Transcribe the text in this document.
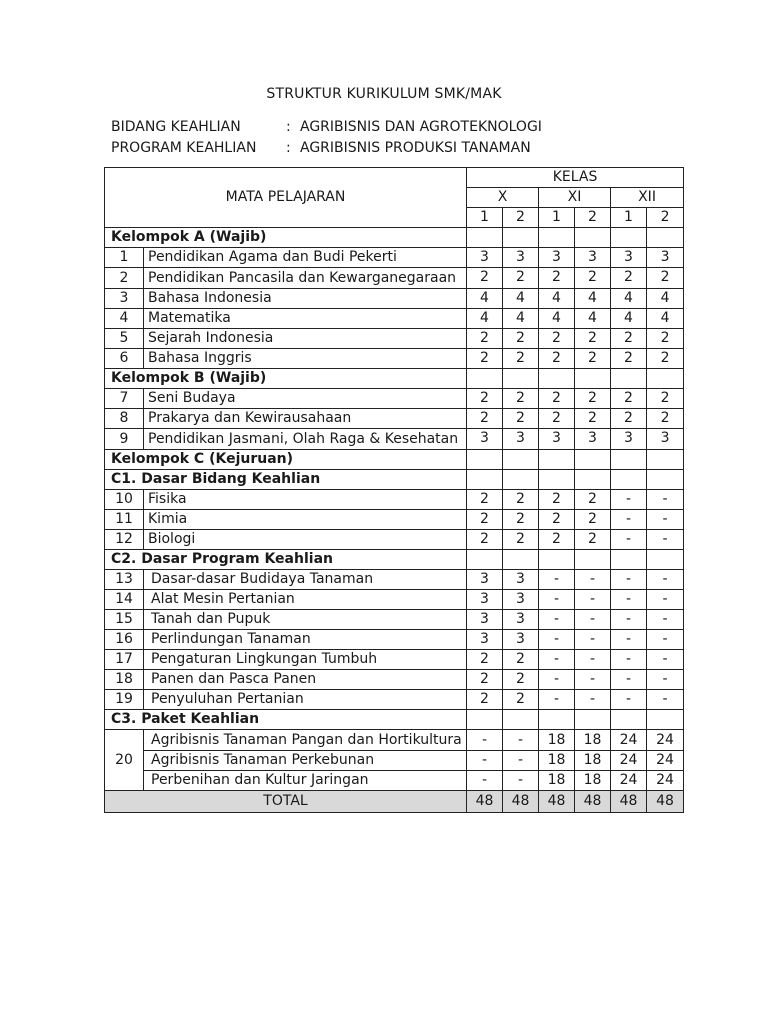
STRUKTUR KURIKULUM SMK/MAK
BIDANG KEAHLIAN	: AGRIBISNIS DAN AGROTEKNOLOGI
PROGRAM KEAHLIAN : AGRIBISNIS PRODUKSI TANAMAN
MATA PELAJARAN		KELAS					
		X		XI		XII	
		1	2	1	2	1	2
Kelompok A (Wajib)							
1	Pendidikan Agama dan Budi Pekerti	3	3	3	3	3	3
2	Pendidikan Pancasila dan Kewarganegaraan	2	2	2	2	2	2
3	Bahasa Indonesia	4	4	4	4	4	4
4	Matematika	4	4	4	4	4	4
5	Sejarah Indonesia	2	2	2	2	2	2
6	Bahasa Inggris	2	2	2	2	2	2
Kelompok B (Wajib)							
7	Seni Budaya	2	2	2	2	2	2
8	Prakarya dan Kewirausahaan	2	2	2	2	2	2
9	Pendidikan Jasmani, Olah Raga & Kesehatan	3	3	3	3	3	3
Kelompok C (Kejuruan)							
C1. Dasar Bidang Keahlian							
10	Fisika	2	2	2	2	-	-
11	Kimia	2	2	2	2	-	-
12	Biologi	2	2	2	2	-	-
C2. Dasar Program Keahlian							
13	Dasar-dasar Budidaya Tanaman	3	3	-	-	-	-
14	Alat Mesin Pertanian	3	3	-	-	-	-
15	Tanah dan Pupuk	3	3	-	-	-	-
16	Perlindungan Tanaman	3	3	-	-	-	-
17	Pengaturan Lingkungan Tumbuh	2	2	-	-	-	-
18	Panen dan Pasca Panen	2	2	-	-	-	-
19	Penyuluhan Pertanian	2	2	-	-	-	-
C3. Paket Keahlian							
20	Agribisnis Tanaman Pangan dan Hortikultura	-	-	18	18	24	24
	Agribisnis Tanaman Perkebunan	-	-	18	18	24	24
	Perbenihan dan Kultur Jaringan	-	-	18	18	24	24
TOTAL		48	48	48	48	48	48
